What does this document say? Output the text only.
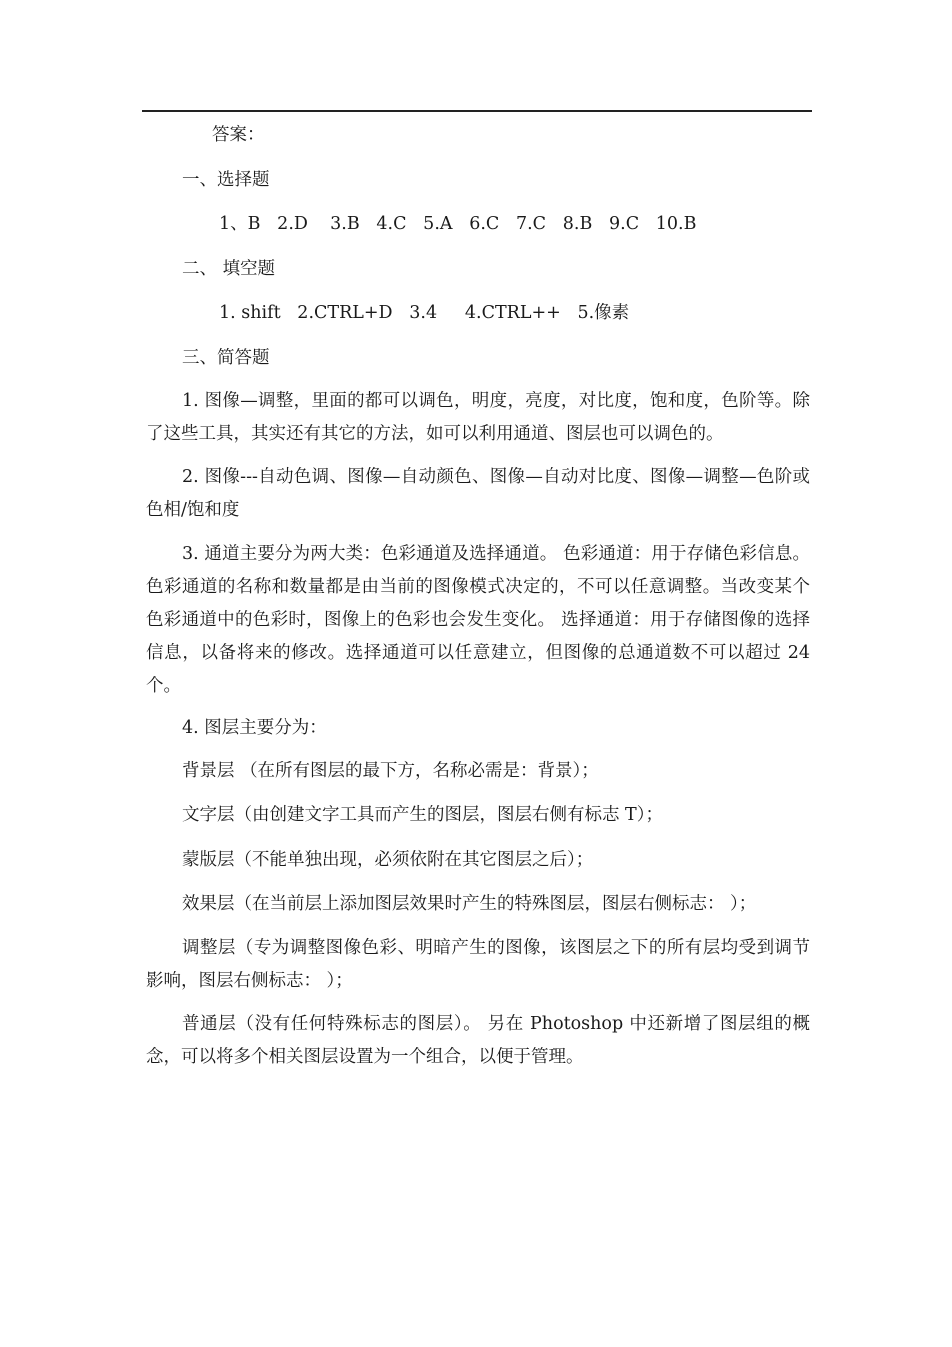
答案：

一、选择题

1、B   2.D    3.B   4.C   5.A   6.C   7.C   8.B   9.C   10.B

二、 填空题

1. shift   2.CTRL+D   3.4     4.CTRL++   5.像素

三、简答题

1. 图像—调整，里面的都可以调色，明度，亮度，对比度，饱和度，色阶等。除了这些工具，其实还有其它的方法，如可以利用通道、图层也可以调色的。

2. 图像---自动色调、图像—自动颜色、图像—自动对比度、图像—调整—色阶或色相/饱和度

3. 通道主要分为两大类：色彩通道及选择通道。 色彩通道：用于存储色彩信息。色彩通道的名称和数量都是由当前的图像模式决定的，不可以任意调整。当改变某个色彩通道中的色彩时，图像上的色彩也会发生变化。 选择通道：用于存储图像的选择信息，以备将来的修改。选择通道可以任意建立，但图像的总通道数不可以超过 24 个。

4. 图层主要分为：

背景层 （在所有图层的最下方，名称必需是：背景）；

文字层（由创建文字工具而产生的图层，图层右侧有标志 T）；

蒙版层（不能单独出现，必须依附在其它图层之后）；

效果层（在当前层上添加图层效果时产生的特殊图层，图层右侧标志： ）；

调整层（专为调整图像色彩、明暗产生的图像，该图层之下的所有层均受到调节影响，图层右侧标志： ）；

普通层（没有任何特殊标志的图层）。 另在 Photoshop 中还新增了图层组的概念，可以将多个相关图层设置为一个组合，以便于管理。
